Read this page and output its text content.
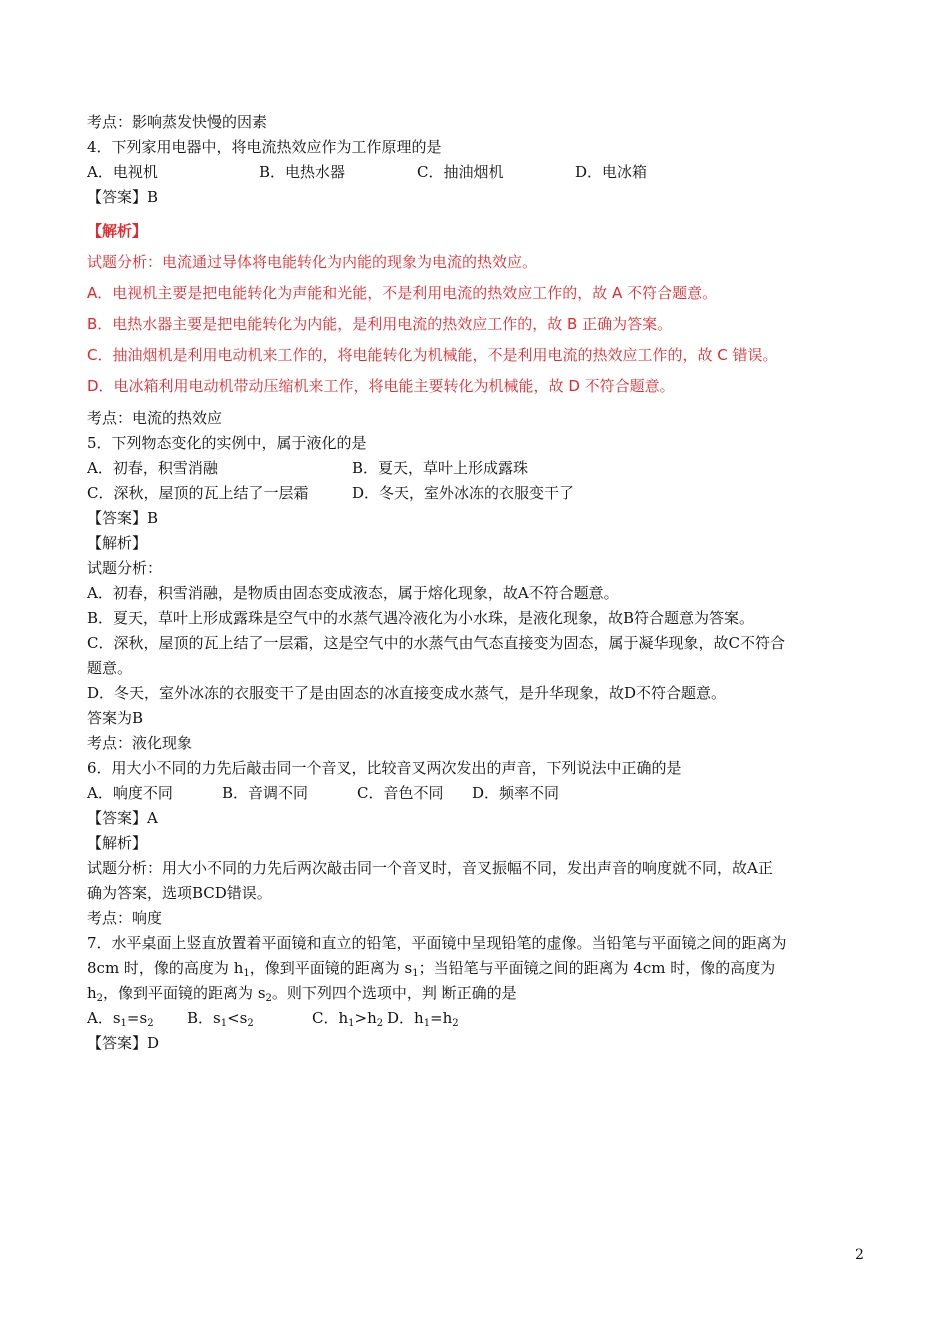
考点：影响蒸发快慢的因素
4．下列家用电器中，将电流热效应作为工作原理的是
A．电视机	B．电热水器	C．抽油烟机	D．电冰箱
【答案】B
【解析】
试题分析：电流通过导体将电能转化为内能的现象为电流的热效应。
A．电视机主要是把电能转化为声能和光能，不是利用电流的热效应工作的，故 A 不符合题意。
B．电热水器主要是把电能转化为内能，是利用电流的热效应工作的，故 B 正确为答案。
C．抽油烟机是利用电动机来工作的，将电能转化为机械能，不是利用电流的热效应工作的，故 C 错误。
D．电冰箱利用电动机带动压缩机来工作，将电能主要转化为机械能，故 D 不符合题意。
考点：电流的热效应
5．下列物态变化的实例中，属于液化的是
A．初春，积雪消融	B．夏天，草叶上形成露珠
C．深秋，屋顶的瓦上结了一层霜	D．冬天，室外冰冻的衣服变干了
【答案】B
【解析】
试题分析：
A．初春，积雪消融，是物质由固态变成液态，属于熔化现象，故A不符合题意。
B．夏天，草叶上形成露珠是空气中的水蒸气遇冷液化为小水珠，是液化现象，故B符合题意为答案。
C．深秋，屋顶的瓦上结了一层霜，这是空气中的水蒸气由气态直接变为固态，属于凝华现象，故C不符合
题意。
D．冬天，室外冰冻的衣服变干了是由固态的冰直接变成水蒸气，是升华现象，故D不符合题意。
答案为B
考点：液化现象
6．用大小不同的力先后敲击同一个音叉，比较音叉两次发出的声音，下列说法中正确的是
A．响度不同	B．音调不同	C．音色不同	D．频率不同
【答案】A
【解析】
试题分析：用大小不同的力先后两次敲击同一个音叉时，音叉振幅不同，发出声音的响度就不同，故A正
确为答案，选项BCD错误。
考点：响度
7．水平桌面上竖直放置着平面镜和直立的铅笔，平面镜中呈现铅笔的虚像。当铅笔与平面镜之间的距离为
8cm 时，像的高度为 $h_1$，像到平面镜的距离为 $s_1$；当铅笔与平面镜之间的距离为 4cm 时，像的高度为
$h_2$，像到平面镜的距离为 $s_2$。则下列四个选项中，判 断正确的是
A．$s_1=s_2$	B．$s_1<s_2$	C．$h_1>h_2$ D．$h_1=h_2$
【答案】D
2
